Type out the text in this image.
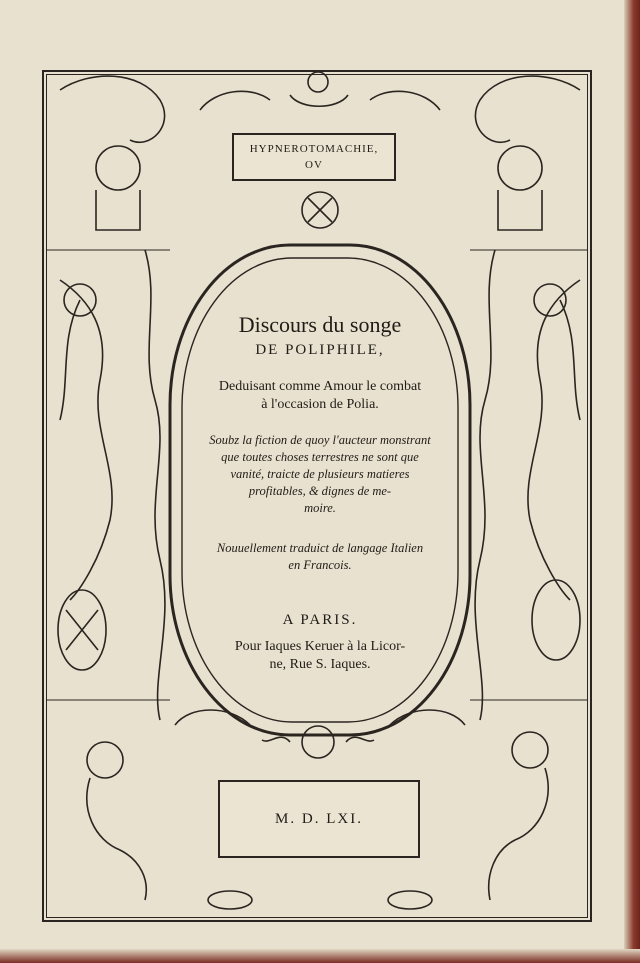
HYPNEROTOMACHIE,
OV
Discours du songe
DE POLIPHILE,
Deduisant comme Amour le combat
à l'occasion de Polia.
Soubz la fiction de quoy l'aucteur monstrant
que toutes choses terrestres ne sont que
vanité, traicte de plusieurs matieres
profitables, & dignes de me-
moire.
Nouuellement traduict de langage Italien
en Francois.
A PARIS.
Pour Iaques Keruer à la Licor-
ne, Rue S. Iaques.
M. D. LXI.
